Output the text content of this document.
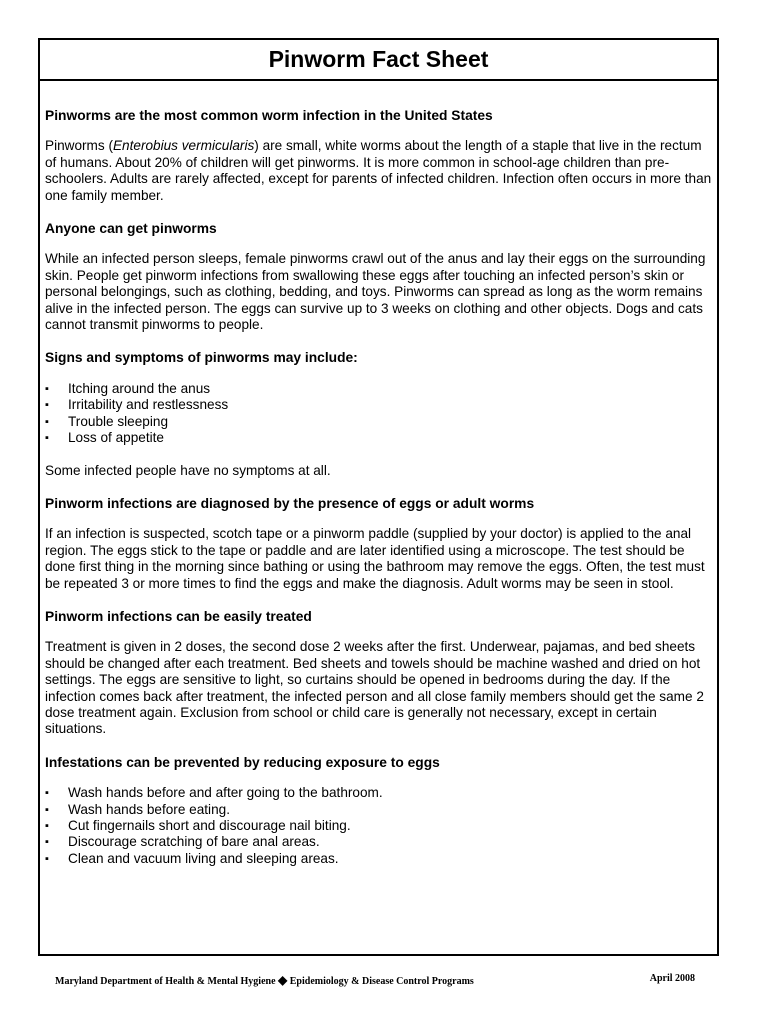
Pinworm Fact Sheet
Pinworms are the most common worm infection in the United States

Pinworms (Enterobius vermicularis) are small, white worms about the length of a staple that live in the rectum of humans. About 20% of children will get pinworms. It is more common in school-age children than pre-schoolers. Adults are rarely affected, except for parents of infected children. Infection often occurs in more than one family member.

Anyone can get pinworms

While an infected person sleeps, female pinworms crawl out of the anus and lay their eggs on the surrounding skin. People get pinworm infections from swallowing these eggs after touching an infected person’s skin or personal belongings, such as clothing, bedding, and toys. Pinworms can spread as long as the worm remains alive in the infected person. The eggs can survive up to 3 weeks on clothing and other objects. Dogs and cats cannot transmit pinworms to people.

Signs and symptoms of pinworms may include:
▪ Itching around the anus
▪ Irritability and restlessness
▪ Trouble sleeping
▪ Loss of appetite

Some infected people have no symptoms at all.

Pinworm infections are diagnosed by the presence of eggs or adult worms

If an infection is suspected, scotch tape or a pinworm paddle (supplied by your doctor) is applied to the anal region. The eggs stick to the tape or paddle and are later identified using a microscope. The test should be done first thing in the morning since bathing or using the bathroom may remove the eggs. Often, the test must be repeated 3 or more times to find the eggs and make the diagnosis. Adult worms may be seen in stool.

Pinworm infections can be easily treated

Treatment is given in 2 doses, the second dose 2 weeks after the first. Underwear, pajamas, and bed sheets should be changed after each treatment. Bed sheets and towels should be machine washed and dried on hot settings. The eggs are sensitive to light, so curtains should be opened in bedrooms during the day. If the infection comes back after treatment, the infected person and all close family members should get the same 2 dose treatment again. Exclusion from school or child care is generally not necessary, except in certain situations.

Infestations can be prevented by reducing exposure to eggs
▪ Wash hands before and after going to the bathroom.
▪ Wash hands before eating.
▪ Cut fingernails short and discourage nail biting.
▪ Discourage scratching of bare anal areas.
▪ Clean and vacuum living and sleeping areas.
Maryland Department of Health & Mental Hygiene ◆ Epidemiology & Disease Control Programs	April 2008
